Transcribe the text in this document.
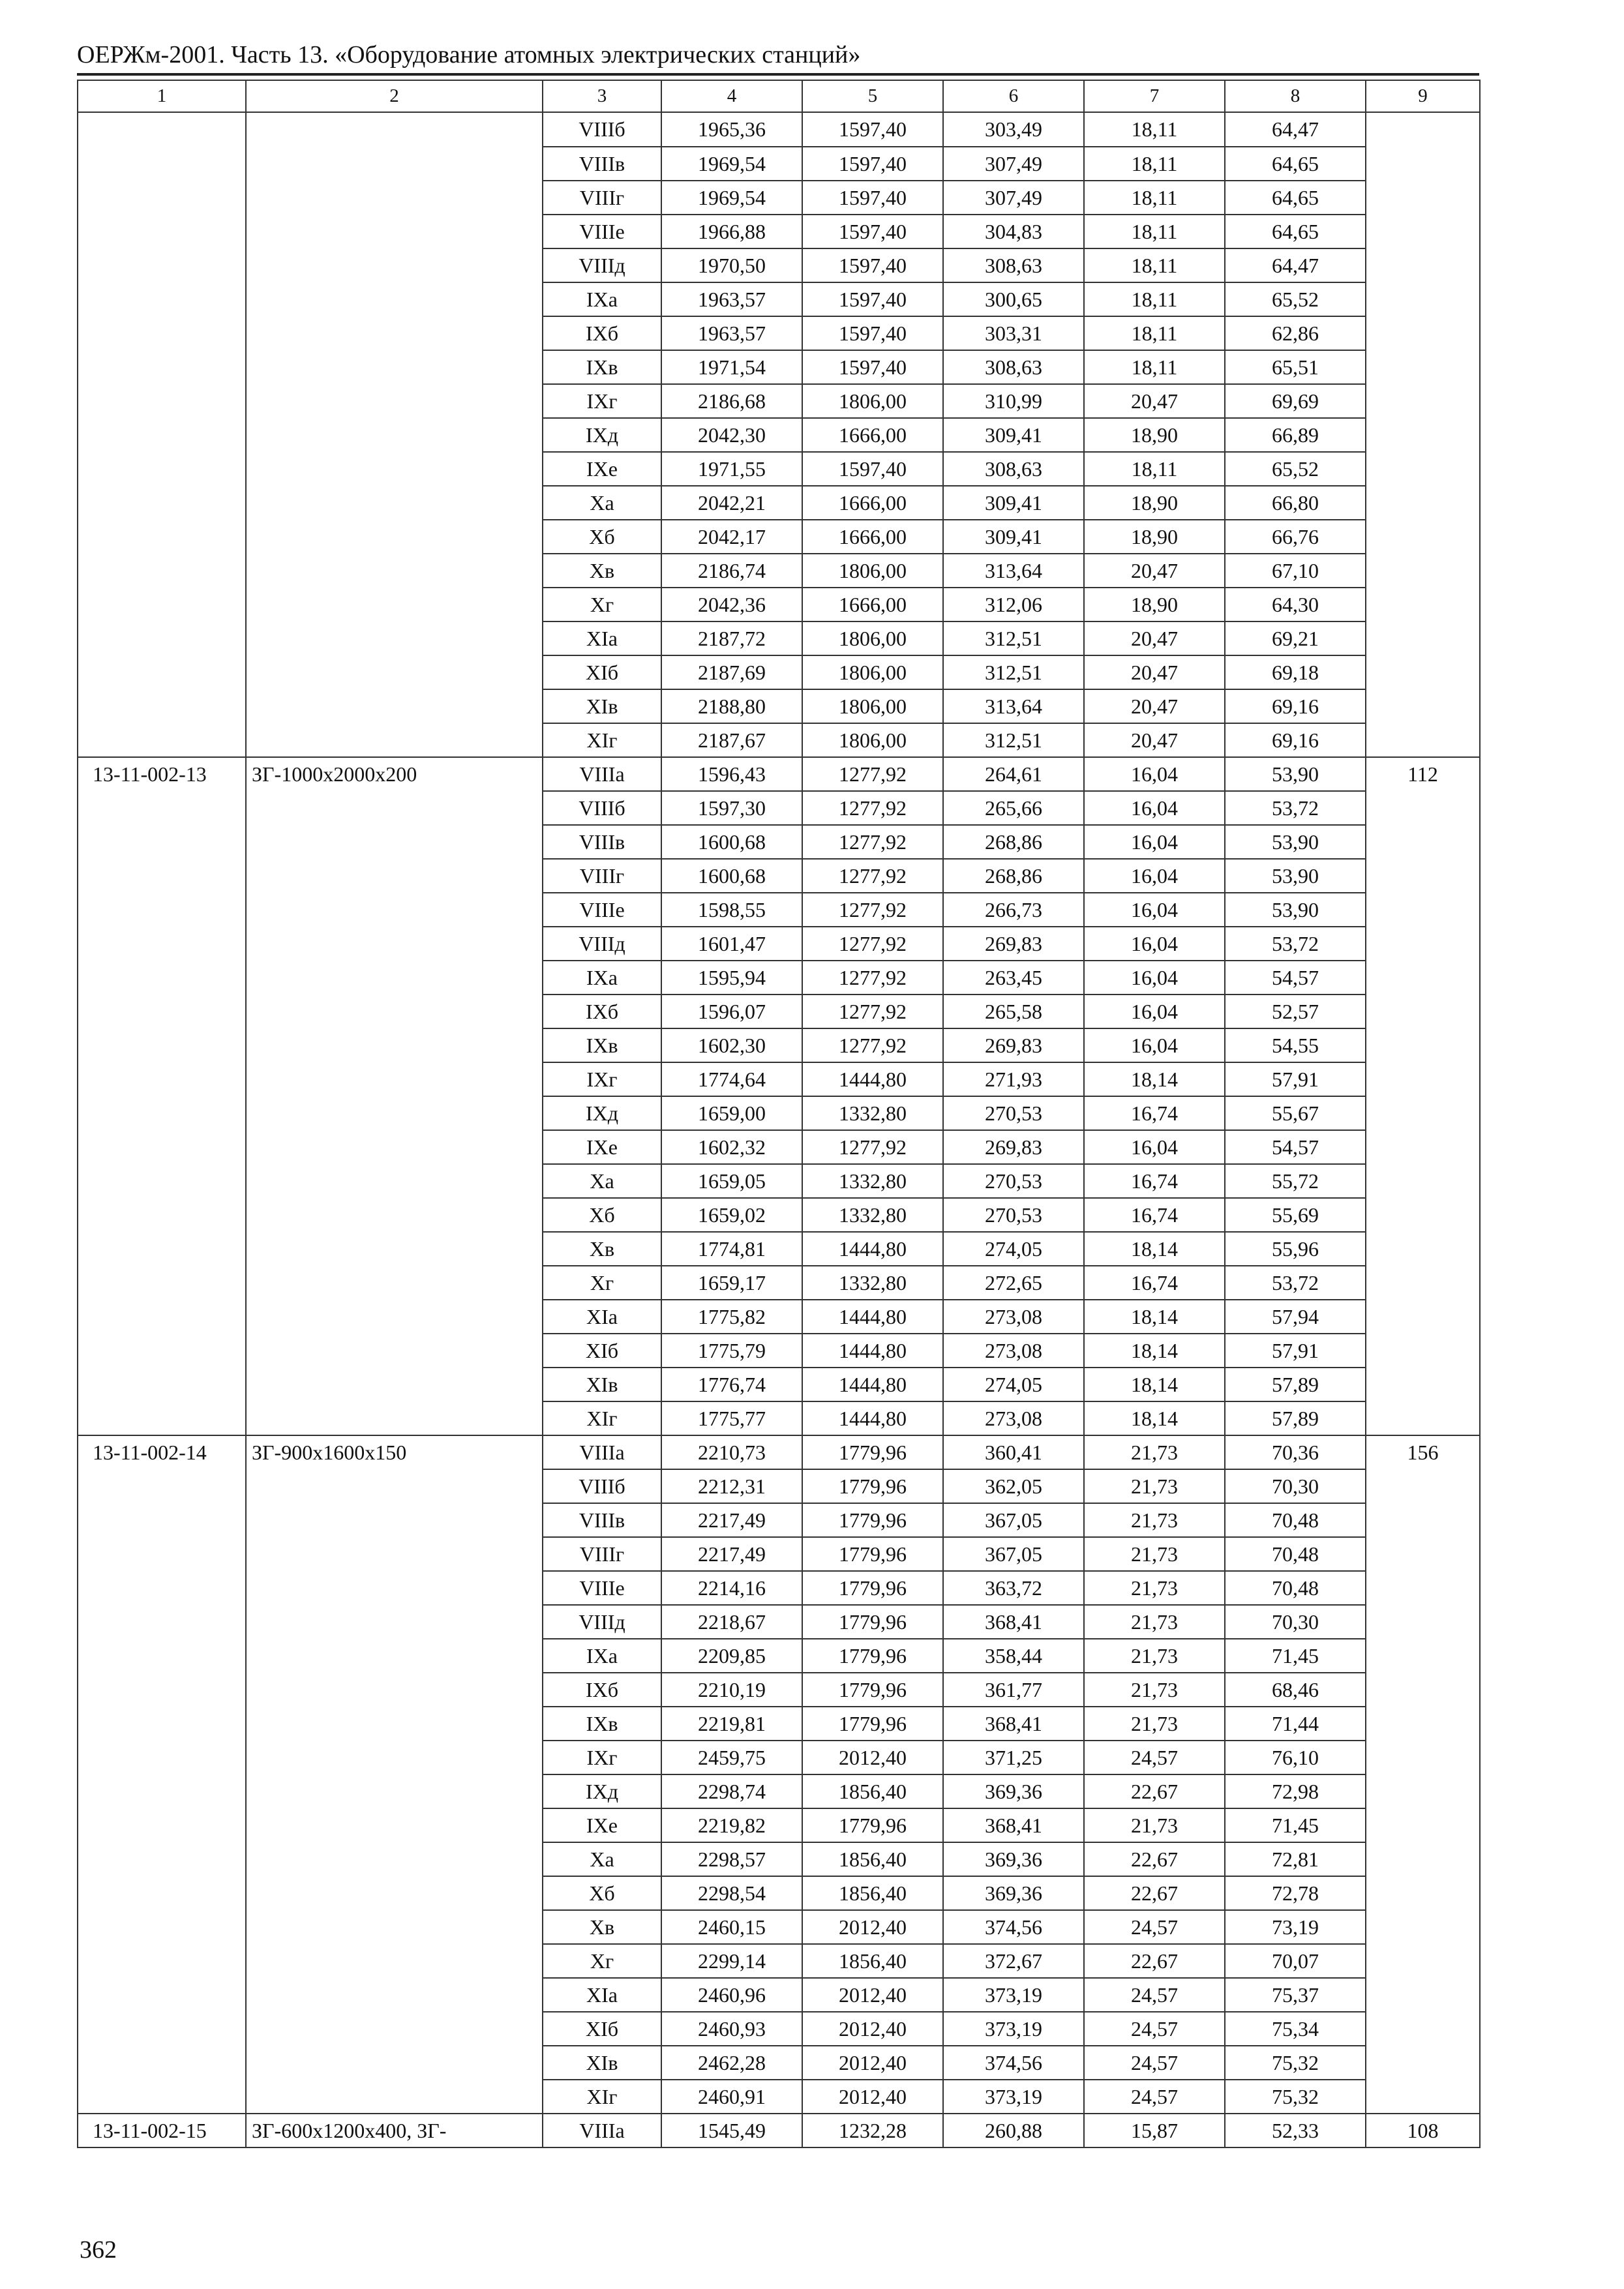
ОЕРЖм-2001. Часть 13. «Оборудование атомных электрических станций»
1	2	3	4	5	6	7	8	9
		VIIIб	1965,36	1597,40	303,49	18,11	64,47	
		VIIIв	1969,54	1597,40	307,49	18,11	64,65	
		VIIIг	1969,54	1597,40	307,49	18,11	64,65	
		VIIIе	1966,88	1597,40	304,83	18,11	64,65	
		VIIIд	1970,50	1597,40	308,63	18,11	64,47	
		IXа	1963,57	1597,40	300,65	18,11	65,52	
		IXб	1963,57	1597,40	303,31	18,11	62,86	
		IXв	1971,54	1597,40	308,63	18,11	65,51	
		IXг	2186,68	1806,00	310,99	20,47	69,69	
		IXд	2042,30	1666,00	309,41	18,90	66,89	
		IXе	1971,55	1597,40	308,63	18,11	65,52	
		Xа	2042,21	1666,00	309,41	18,90	66,80	
		Xб	2042,17	1666,00	309,41	18,90	66,76	
		Xв	2186,74	1806,00	313,64	20,47	67,10	
		Xг	2042,36	1666,00	312,06	18,90	64,30	
		XIа	2187,72	1806,00	312,51	20,47	69,21	
		XIб	2187,69	1806,00	312,51	20,47	69,18	
		XIв	2188,80	1806,00	313,64	20,47	69,16	
		XIг	2187,67	1806,00	312,51	20,47	69,16	
13-11-002-13	ЗГ-1000x2000x200	VIIIа	1596,43	1277,92	264,61	16,04	53,90	112
		VIIIб	1597,30	1277,92	265,66	16,04	53,72	
		VIIIв	1600,68	1277,92	268,86	16,04	53,90	
		VIIIг	1600,68	1277,92	268,86	16,04	53,90	
		VIIIе	1598,55	1277,92	266,73	16,04	53,90	
		VIIIд	1601,47	1277,92	269,83	16,04	53,72	
		IXа	1595,94	1277,92	263,45	16,04	54,57	
		IXб	1596,07	1277,92	265,58	16,04	52,57	
		IXв	1602,30	1277,92	269,83	16,04	54,55	
		IXг	1774,64	1444,80	271,93	18,14	57,91	
		IXд	1659,00	1332,80	270,53	16,74	55,67	
		IXе	1602,32	1277,92	269,83	16,04	54,57	
		Xа	1659,05	1332,80	270,53	16,74	55,72	
		Xб	1659,02	1332,80	270,53	16,74	55,69	
		Xв	1774,81	1444,80	274,05	18,14	55,96	
		Xг	1659,17	1332,80	272,65	16,74	53,72	
		XIа	1775,82	1444,80	273,08	18,14	57,94	
		XIб	1775,79	1444,80	273,08	18,14	57,91	
		XIв	1776,74	1444,80	274,05	18,14	57,89	
		XIг	1775,77	1444,80	273,08	18,14	57,89	
13-11-002-14	ЗГ-900x1600x150	VIIIа	2210,73	1779,96	360,41	21,73	70,36	156
		VIIIб	2212,31	1779,96	362,05	21,73	70,30	
		VIIIв	2217,49	1779,96	367,05	21,73	70,48	
		VIIIг	2217,49	1779,96	367,05	21,73	70,48	
		VIIIе	2214,16	1779,96	363,72	21,73	70,48	
		VIIIд	2218,67	1779,96	368,41	21,73	70,30	
		IXа	2209,85	1779,96	358,44	21,73	71,45	
		IXб	2210,19	1779,96	361,77	21,73	68,46	
		IXв	2219,81	1779,96	368,41	21,73	71,44	
		IXг	2459,75	2012,40	371,25	24,57	76,10	
		IXд	2298,74	1856,40	369,36	22,67	72,98	
		IXе	2219,82	1779,96	368,41	21,73	71,45	
		Xа	2298,57	1856,40	369,36	22,67	72,81	
		Xб	2298,54	1856,40	369,36	22,67	72,78	
		Xв	2460,15	2012,40	374,56	24,57	73,19	
		Xг	2299,14	1856,40	372,67	22,67	70,07	
		XIа	2460,96	2012,40	373,19	24,57	75,37	
		XIб	2460,93	2012,40	373,19	24,57	75,34	
		XIв	2462,28	2012,40	374,56	24,57	75,32	
		XIг	2460,91	2012,40	373,19	24,57	75,32	
13-11-002-15	ЗГ-600x1200x400, ЗГ-	VIIIа	1545,49	1232,28	260,88	15,87	52,33	108
362
